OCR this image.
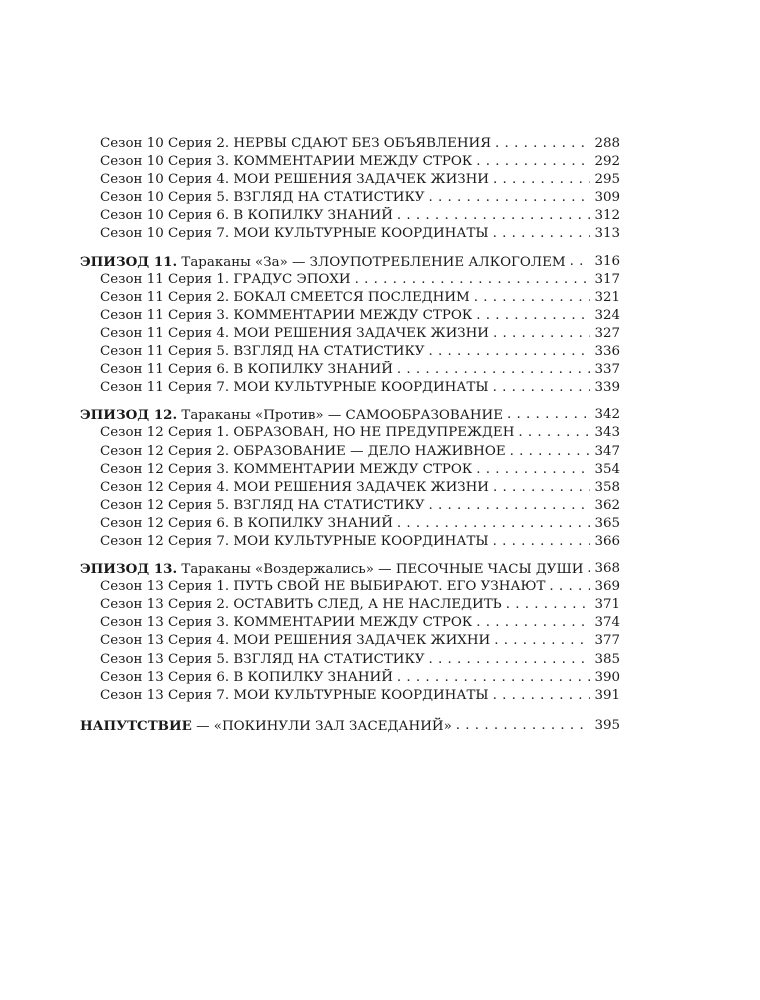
Сезон 10 Серия 2. НЕРВЫ СДАЮТ БЕЗ ОБЪЯВЛЕНИЯ . . .	288
Сезон 10 Серия 3. КОММЕНТАРИИ МЕЖДУ СТРОК . . .	292
Сезон 10 Серия 4. МОИ РЕШЕНИЯ ЗАДАЧЕК ЖИЗНИ . . .	295
Сезон 10 Серия 5. ВЗГЛЯД НА СТАТИСТИКУ . . .	309
Сезон 10 Серия 6. В КОПИЛКУ ЗНАНИЙ . . .	312
Сезон 10 Серия 7. МОИ КУЛЬТУРНЫЕ КООРДИНАТЫ . . .	313
ЭПИЗОД 11. Тараканы «За» — ЗЛОУПОТРЕБЛЕНИЕ АЛКОГОЛЕМ . . .	316
Сезон 11 Серия 1. ГРАДУС ЭПОХИ . . .	317
Сезон 11 Серия 2. БОКАЛ СМЕЕТСЯ ПОСЛЕДНИМ . . .	321
Сезон 11 Серия 3. КОММЕНТАРИИ МЕЖДУ СТРОК . . .	324
Сезон 11 Серия 4. МОИ РЕШЕНИЯ ЗАДАЧЕК ЖИЗНИ . . .	327
Сезон 11 Серия 5. ВЗГЛЯД НА СТАТИСТИКУ . . .	336
Сезон 11 Серия 6. В КОПИЛКУ ЗНАНИЙ . . .	337
Сезон 11 Серия 7. МОИ КУЛЬТУРНЫЕ КООРДИНАТЫ . . .	339
ЭПИЗОД 12. Тараканы «Против» — САМООБРАЗОВАНИЕ . . .	342
Сезон 12 Серия 1. ОБРАЗОВАН, НО НЕ ПРЕДУПРЕЖДЕН . . .	343
Сезон 12 Серия 2. ОБРАЗОВАНИЕ — ДЕЛО НАЖИВНОЕ . . .	347
Сезон 12 Серия 3. КОММЕНТАРИИ МЕЖДУ СТРОК . . .	354
Сезон 12 Серия 4. МОИ РЕШЕНИЯ ЗАДАЧЕК ЖИЗНИ . . .	358
Сезон 12 Серия 5. ВЗГЛЯД НА СТАТИСТИКУ . . .	362
Сезон 12 Серия 6. В КОПИЛКУ ЗНАНИЙ . . .	365
Сезон 12 Серия 7. МОИ КУЛЬТУРНЫЕ КООРДИНАТЫ . . .	366
ЭПИЗОД 13. Тараканы «Воздержались» — ПЕСОЧНЫЕ ЧАСЫ ДУШИ . . . 368
Сезон 13 Серия 1. ПУТЬ СВОЙ НЕ ВЫБИРАЮТ. ЕГО УЗНАЮТ . . .	369
Сезон 13 Серия 2. ОСТАВИТЬ СЛЕД, А НЕ НАСЛЕДИТЬ . . .	371
Сезон 13 Серия 3. КОММЕНТАРИИ МЕЖДУ СТРОК . . .	374
Сезон 13 Серия 4. МОИ РЕШЕНИЯ ЗАДАЧЕК ЖИХНИ . . .	377
Сезон 13 Серия 5. ВЗГЛЯД НА СТАТИСТИКУ . . .	385
Сезон 13 Серия 6. В КОПИЛКУ ЗНАНИЙ . . .	390
Сезон 13 Серия 7. МОИ КУЛЬТУРНЫЕ КООРДИНАТЫ . . .	391
НАПУТСТВИЕ — «ПОКИНУЛИ ЗАЛ ЗАСЕДАНИЙ» . . .	395
